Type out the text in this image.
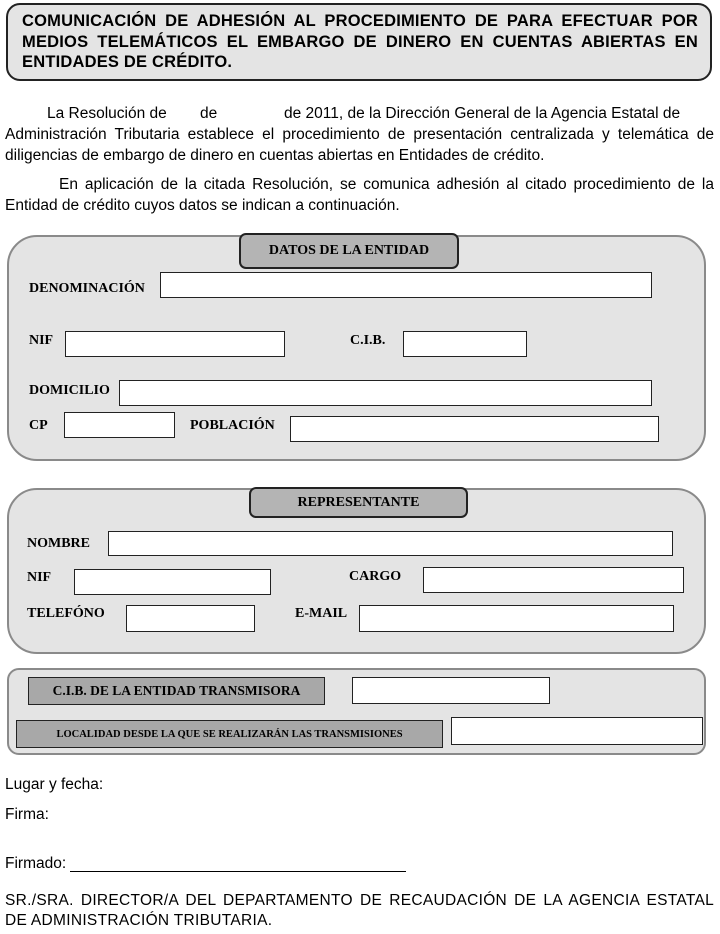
COMUNICACIÓN DE ADHESIÓN AL PROCEDIMIENTO DE PARA EFECTUAR POR MEDIOS TELEMÁTICOS EL EMBARGO DE DINERO EN CUENTAS ABIERTAS EN ENTIDADES DE CRÉDITO.
La Resolución de de	de 2011, de la Dirección General de la Agencia Estatal de
Administración Tributaria establece el procedimiento de presentación centralizada y telemática de diligencias de embargo de dinero en cuentas abiertas en Entidades de crédito.
En aplicación de la citada Resolución, se comunica adhesión al citado procedimiento de la Entidad de crédito cuyos datos se indican a continuación.
DATOS DE LA ENTIDAD
DENOMINACIÓN
NIF	C.I.B.
DOMICILIO
CP	POBLACIÓN
REPRESENTANTE
NOMBRE
NIF	CARGO
TELEFÓNO	E-MAIL
C.I.B. DE LA ENTIDAD TRANSMISORA
LOCALIDAD DESDE LA QUE SE REALIZARÁN LAS TRANSMISIONES
Lugar y fecha:
Firma:
Firmado:
SR./SRA. DIRECTOR/A DEL DEPARTAMENTO DE RECAUDACIÓN DE LA AGENCIA ESTATAL DE ADMINISTRACIÓN TRIBUTARIA.
